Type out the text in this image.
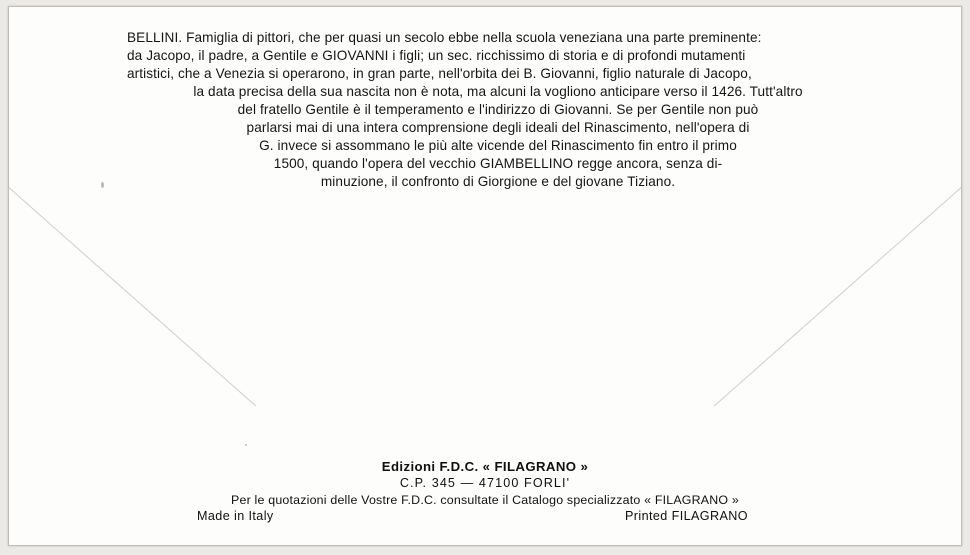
BELLINI. Famiglia di pittori, che per quasi un secolo ebbe nella scuola veneziana una parte preminente:
da Jacopo, il padre, a Gentile e GIOVANNI i figli; un sec. ricchissimo di storia e di profondi mutamenti
artistici, che a Venezia si operarono, in gran parte, nell'orbita dei B. Giovanni, figlio naturale di Jacopo,
la data precisa della sua nascita non è nota, ma alcuni la vogliono anticipare verso il 1426. Tutt'altro
del fratello Gentile è il temperamento e l'indirizzo di Giovanni. Se per Gentile non può
parlarsi mai di una intera comprensione degli ideali del Rinascimento, nell'opera di
G. invece si assommano le più alte vicende del Rinascimento fin entro il primo
1500, quando l'opera del vecchio GIAMBELLINO regge ancora, senza di-
minuzione, il confronto di Giorgione e del giovane Tiziano.
Edizioni F.D.C. « FILAGRANO »
C.P. 345 — 47100 FORLI'
Per le quotazioni delle Vostre F.D.C. consultate il Catalogo specializzato « FILAGRANO »
Made in Italy	Printed FILAGRANO
